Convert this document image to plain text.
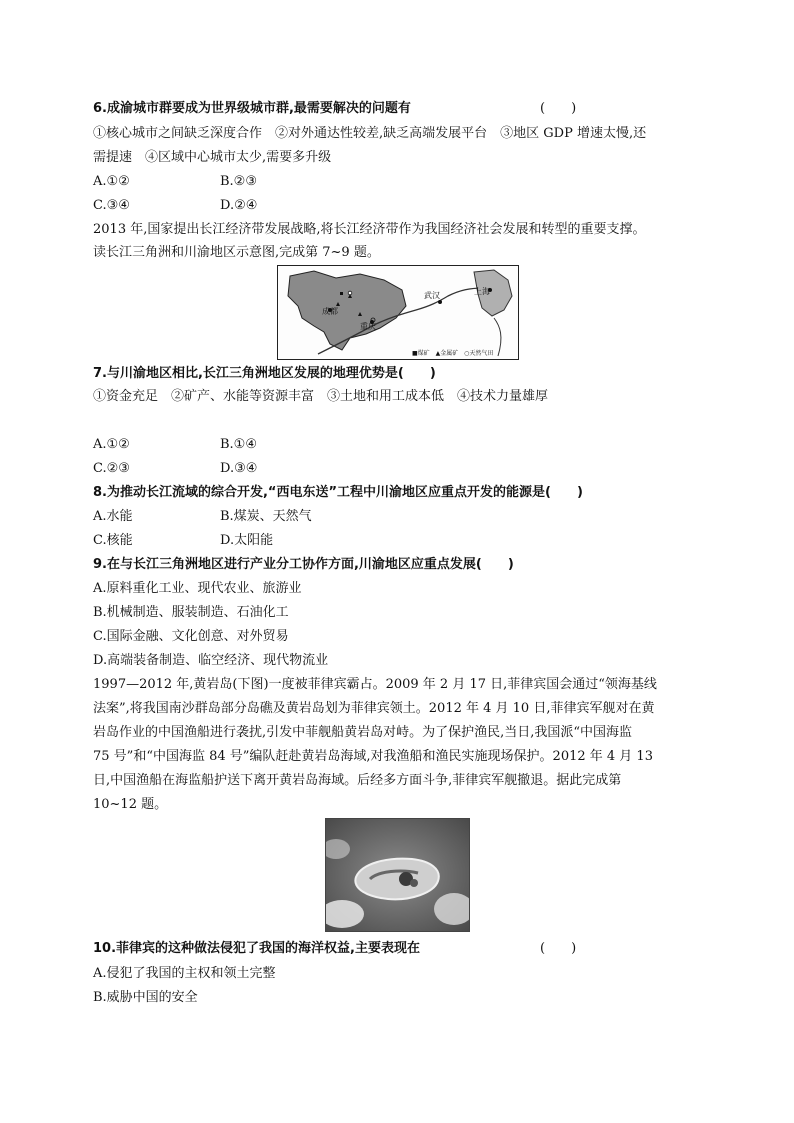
6.成渝城市群要成为世界级城市群,最需要解决的问题有	(　　)
①核心城市之间缺乏深度合作　②对外通达性较差,缺乏高端发展平台　③地区 GDP 增速太慢,还
需提速　④区域中心城市太少,需要多升级
A.①②	B.②③
C.③④	D.②④
2013 年,国家提出长江经济带发展战略,将长江经济带作为我国经济社会发展和转型的重要支撑。
读长江三角洲和川渝地区示意图,完成第 7~9 题。
成都
重庆
武汉	上海
■煤矿 ▲金属矿 ○天然气田
7.与川渝地区相比,长江三角洲地区发展的地理优势是(　　)
①资金充足　②矿产、水能等资源丰富　③土地和用工成本低　④技术力量雄厚
A.①②	B.①④
C.②③	D.③④
8.为推动长江流域的综合开发,“西电东送”工程中川渝地区应重点开发的能源是(　　)
A.水能	B.煤炭、天然气
C.核能	D.太阳能
9.在与长江三角洲地区进行产业分工协作方面,川渝地区应重点发展(　　)
A.原料重化工业、现代农业、旅游业
B.机械制造、服装制造、石油化工
C.国际金融、文化创意、对外贸易
D.高端装备制造、临空经济、现代物流业
1997—2012 年,黄岩岛(下图)一度被菲律宾霸占。2009 年 2 月 17 日,菲律宾国会通过“领海基线
法案”,将我国南沙群岛部分岛礁及黄岩岛划为菲律宾领土。2012 年 4 月 10 日,菲律宾军舰对在黄
岩岛作业的中国渔船进行袭扰,引发中菲舰船黄岩岛对峙。为了保护渔民,当日,我国派“中国海监
75 号”和“中国海监 84 号”编队赶赴黄岩岛海域,对我渔船和渔民实施现场保护。2012 年 4 月 13
日,中国渔船在海监船护送下离开黄岩岛海域。后经多方面斗争,菲律宾军舰撤退。据此完成第
10~12 题。
10.菲律宾的这种做法侵犯了我国的海洋权益,主要表现在	(　　)
A.侵犯了我国的主权和领土完整
B.威胁中国的安全
